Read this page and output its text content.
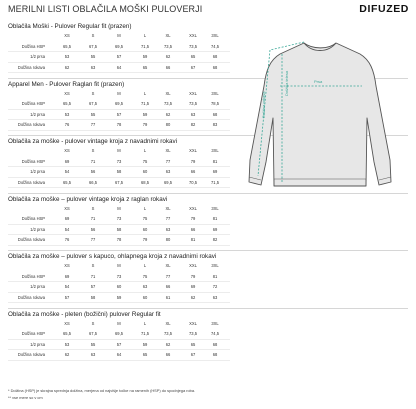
MERILNI LISTI OBLAČILA MOŠKI PULOVERJI	DIFUZED
Oblačila Moški - Pulover Regular fit (prazen)
XS	S	M	L	XL	XXL	3XL
Dolžina HSP	65,5	67,5	69,5	71,5	73,5	73,5	74,5
1/2 prsa	53	55	57	59	62	65	68
Dolžina rokava	62	63	64	65	66	67	68
Apparel Men - Pulover Raglan fit (prazen)
XS	S	M	L	XL	XXL	3XL
Dolžina HSP	65,5	67,5	69,5	71,5	73,5	73,5	78,5
1/2 prsa	53	55	57	59	62	63	68
Dolžina rokava	76	77	78	79	80	82	83
Oblačila za moške - pulover vintage kroja z navadnimi rokavi
XS	S	M	L	XL	XXL	3XL
Dolžina HSP	69	71	73	75	77	79	81
1/2 prsa	54	56	58	60	63	66	69
Dolžina rokava	65,5	66,5	67,5	68,5	69,5	70,5	71,5
Oblačila za moške – pulover vintage kroja z raglan rokavi
XS	S	M	L	XL	XXL	3XL
Dolžina HSP	69	71	73	75	77	79	81
1/2 prsa	54	56	58	60	63	66	69
Dolžina rokava	76	77	78	79	80	81	82
Oblačila za moške – pulover s kapuco, ohlapnega kroja z navadnimi rokavi
XS	S	M	L	XL	XXL	3XL
Dolžina HSP	69	71	73	75	77	79	81
1/2 prsa	54	57	60	63	66	69	72
Dolžina rokava	57	58	59	60	61	62	63
Oblačila za moške - pleten (božični) pulover Regular fit
XS	S	M	L	XL	XXL	3XL
Dolžina HSP	65,5	67,5	69,5	71,5	73,5	73,5	74,5
1/2 prsa	53	55	57	59	62	65	68
Dolžina rokava	62	63	64	65	66	67	68
Dolžina telesa	Prsa
Dolžina rokava
* Dolžina (HSP) je skrajna sprednja dolžina, merjena od najvišje točke na ramenih (HSP) do spodnjega roba.
** vse mere so v cm
